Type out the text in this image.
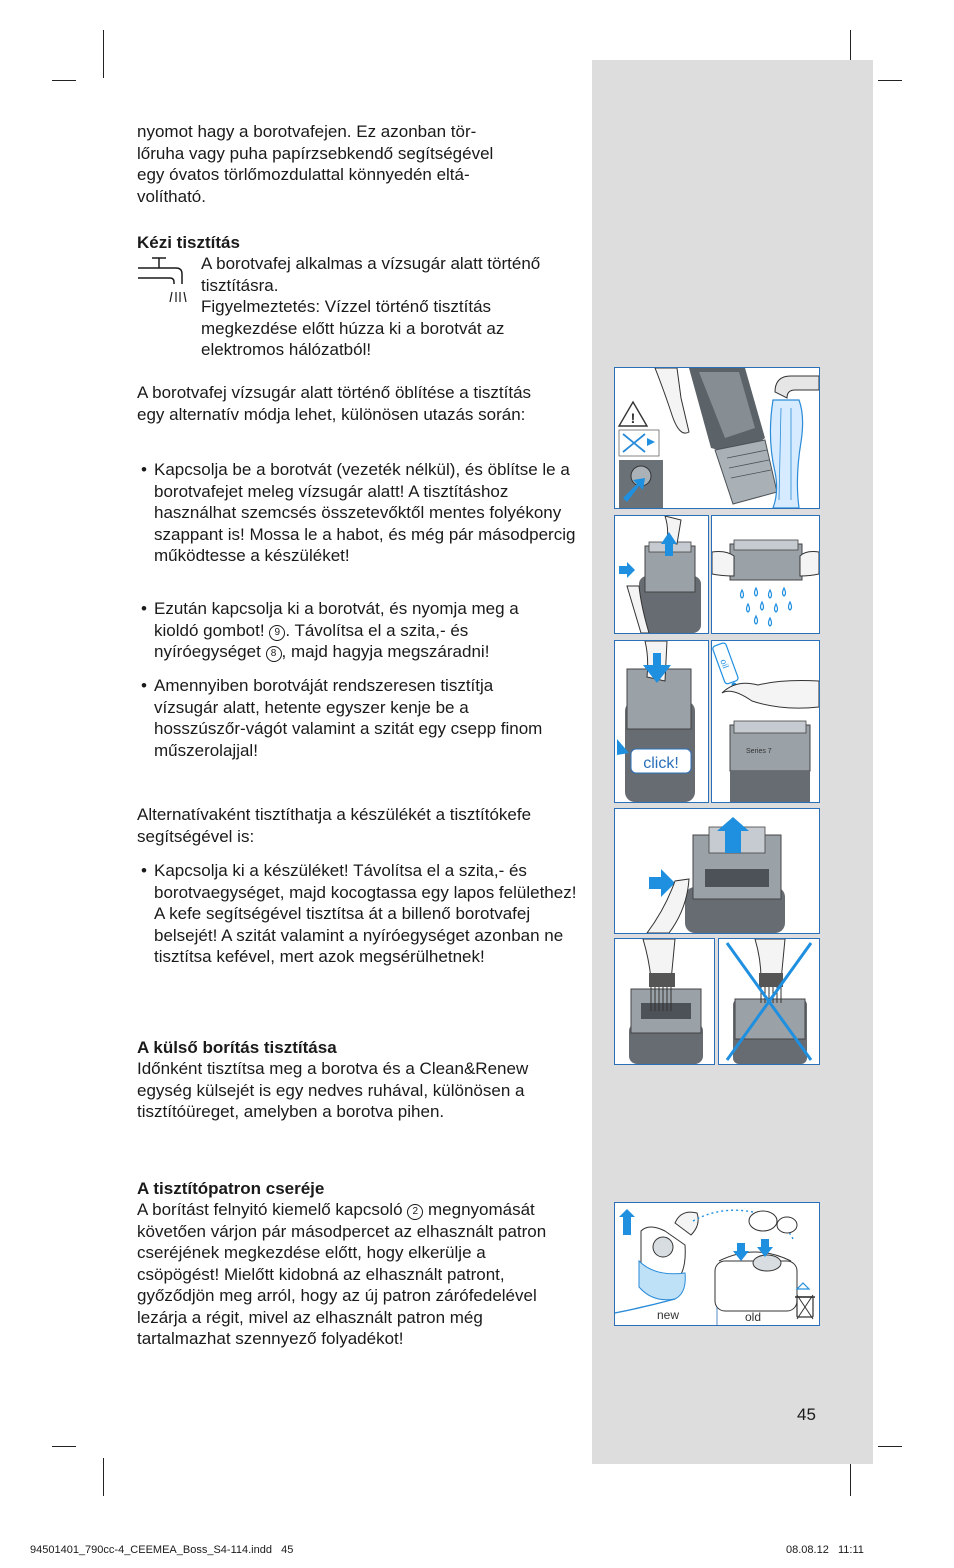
nyomot hagy a borotvafejen. Ez azonban tör-lőruha vagy puha papírzsebkendő segítségével egy óvatos törlőmozdulattal könnyedén eltá-volítható.

Kézi tisztítás

A borotvafej alkalmas a vízsugár alatt történő tisztításra.

Figyelmeztetés: Vízzel történő tisztítás megkezdése előtt húzza ki a borotvát az elektromos hálózatból!

A borotvafej vízsugár alatt történő öblítése a tisztítás egy alternatív módja lehet, különösen utazás során:

• Kapcsolja be a borotvát (vezeték nélkül), és öblítse le a borotvafejet meleg vízsugár alatt! A tisztításhoz használhat szemcsés összetevőktől mentes folyékony szappant is! Mossa le a habot, és még pár másodpercig működtesse a készüléket!
• Ezután kapcsolja ki a borotvát, és nyomja meg a kioldó gombot! 9 . Távolítsa el a szita,- és nyíróegységet 8 , majd hagyja megszáradni!
• Amennyiben borotváját rendszeresen tisztítja vízsugár alatt, hetente egyszer kenje be a hosszúszőr-vágót valamint a szitát egy csepp finom műszerolajjal!

Alternatívaként tisztíthatja a készülékét a tisztítókefe segítségével is:

• Kapcsolja ki a készüléket! Távolítsa el a szita,- és borotvaegységet, majd kocogtassa egy lapos felülethez! A kefe segítségével tisztítsa át a billenő borotvafej belsejét! A szitát valamint a nyíróegységet azonban ne tisztítsa kefével, mert azok megsérülhetnek!
A külső borítás tisztítása

Időnként tisztítsa meg a borotva és a Clean&Renew egység külsejét is egy nedves ruhával, különösen a tisztítóüreget, amelyben a borotva pihen.

A tisztítópatron cseréje

A borítást felnyitó kiemelő kapcsoló 2 megnyomását követően várjon pár másodpercet az elhasznált patron cseréjének megkezdése előtt, hogy elkerülje a csöpögést! Mielőtt kidobná az elhasznált patront, győződjön meg arról, hogy az új patron zárófedelével lezárja a régit, mivel az elhasznált patron még tartalmazhat szennyező folyadékot!

!
click!
oil
Series 7
new	old
45
94501401_790cc-4_CEEMEA_Boss_S4-114.indd   45	08.08.12   11:11
